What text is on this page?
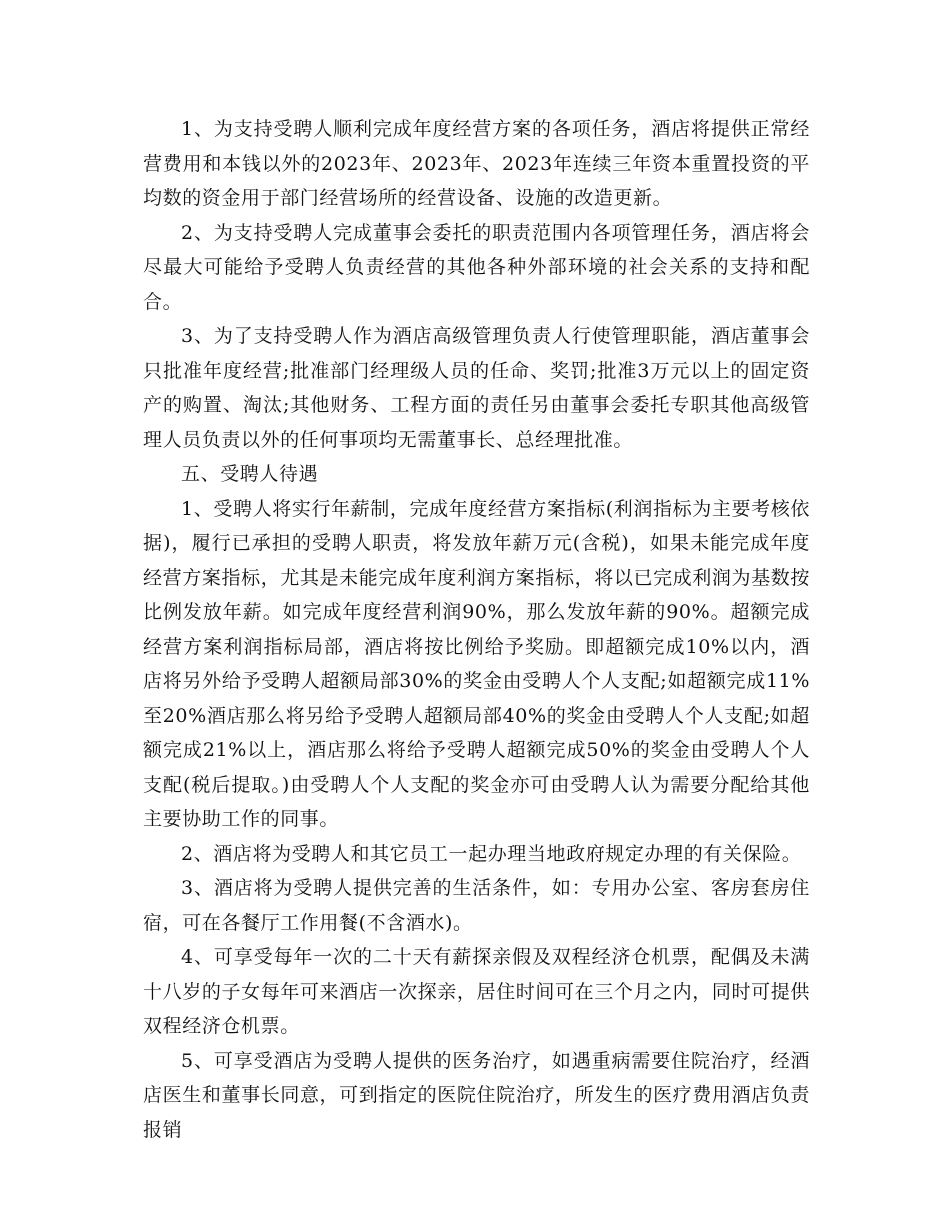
1、为支持受聘人顺利完成年度经营方案的各项任务，酒店将提供正常经营费用和本钱以外的2023年、2023年、2023年连续三年资本重置投资的平均数的资金用于部门经营场所的经营设备、设施的改造更新。

2、为支持受聘人完成董事会委托的职责范围内各项管理任务，酒店将会尽最大可能给予受聘人负责经营的其他各种外部环境的社会关系的支持和配合。

3、为了支持受聘人作为酒店高级管理负责人行使管理职能，酒店董事会只批准年度经营;批准部门经理级人员的任命、奖罚;批准3万元以上的固定资产的购置、淘汰;其他财务、工程方面的责任另由董事会委托专职其他高级管理人员负责以外的任何事项均无需董事长、总经理批准。

五、受聘人待遇

1、受聘人将实行年薪制，完成年度经营方案指标(利润指标为主要考核依据)，履行已承担的受聘人职责，将发放年薪万元(含税)，如果未能完成年度经营方案指标，尤其是未能完成年度利润方案指标，将以已完成利润为基数按比例发放年薪。如完成年度经营利润90%，那么发放年薪的90%。超额完成经营方案利润指标局部，酒店将按比例给予奖励。即超额完成10%以内，酒店将另外给予受聘人超额局部30%的奖金由受聘人个人支配;如超额完成11%至20%酒店那么将另给予受聘人超额局部40%的奖金由受聘人个人支配;如超额完成21%以上，酒店那么将给予受聘人超额完成50%的奖金由受聘人个人支配(税后提取。)由受聘人个人支配的奖金亦可由受聘人认为需要分配给其他主要协助工作的同事。

2、酒店将为受聘人和其它员工一起办理当地政府规定办理的有关保险。

3、酒店将为受聘人提供完善的生活条件，如：专用办公室、客房套房住宿，可在各餐厅工作用餐(不含酒水)。

4、可享受每年一次的二十天有薪探亲假及双程经济仓机票，配偶及未满十八岁的子女每年可来酒店一次探亲，居住时间可在三个月之内，同时可提供双程经济仓机票。

5、可享受酒店为受聘人提供的医务治疗，如遇重病需要住院治疗，经酒店医生和董事长同意，可到指定的医院住院治疗，所发生的医疗费用酒店负责报销
